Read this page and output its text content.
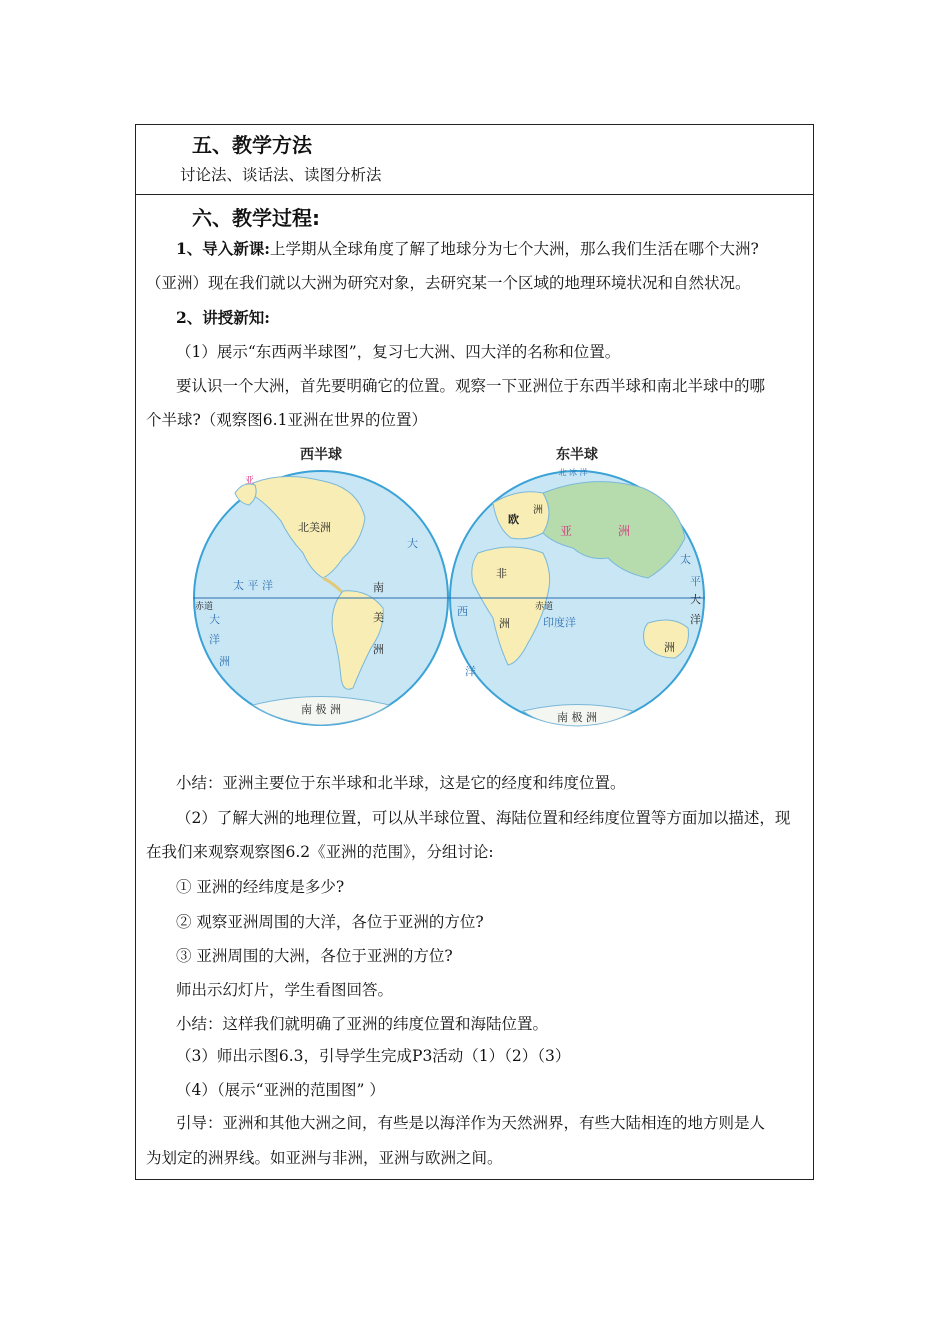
五、教学方法
讨论法、谈话法、读图分析法
六、教学过程:
1、导入新课:上学期从全球角度了解了地球分为七个大洲，那么我们生活在哪个大洲?
（亚洲）现在我们就以大洲为研究对象，去研究某一个区域的地理环境状况和自然状况。
2、讲授新知:
（1）展示“东西两半球图”，复习七大洲、四大洋的名称和位置。
要认识一个大洲，首先要明确它的位置。观察一下亚洲位于东西半球和南北半球中的哪
个半球?（观察图6.1亚洲在世界的位置）
西半球	东半球
赤道	赤道
北美洲
南
美
洲
南 极 洲
太 平 洋
大
洋
洲
大
欧
洲
亚	洲
非
洲
洲
印度洋
太
平
大
洋
西
洋
南 极 洲
北 冰 洋
亚
小结：亚洲主要位于东半球和北半球，这是它的经度和纬度位置。
（2）了解大洲的地理位置，可以从半球位置、海陆位置和经纬度位置等方面加以描述，现
在我们来观察观察图6.2《亚洲的范围》，分组讨论:
① 亚洲的经纬度是多少?
② 观察亚洲周围的大洋，各位于亚洲的方位?
③ 亚洲周围的大洲，各位于亚洲的方位?
师出示幻灯片，学生看图回答。
小结：这样我们就明确了亚洲的纬度位置和海陆位置。
（3）师出示图6.3，引导学生完成P3活动（1）（2）（3）
（4）（展示“亚洲的范围图” ）
引导：亚洲和其他大洲之间，有些是以海洋作为天然洲界，有些大陆相连的地方则是人
为划定的洲界线。如亚洲与非洲，亚洲与欧洲之间。
